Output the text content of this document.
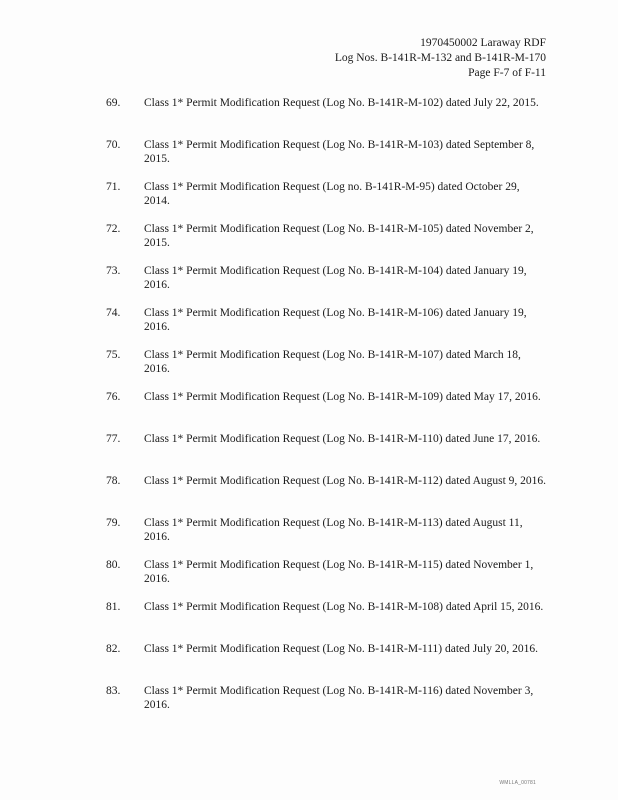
1970450002 Laraway RDF
Log Nos. B-141R-M-132 and B-141R-M-170
Page F-7 of F-11
69.	Class 1* Permit Modification Request (Log No. B-141R-M-102) dated July 22, 2015.
70.	Class 1* Permit Modification Request (Log No. B-141R-M-103) dated September 8, 2015.
71.	Class 1* Permit Modification Request (Log no. B-141R-M-95) dated October 29, 2014.
72.	Class 1* Permit Modification Request (Log No. B-141R-M-105) dated November 2, 2015.
73.	Class 1* Permit Modification Request (Log No. B-141R-M-104) dated January 19, 2016.
74.	Class 1* Permit Modification Request (Log No. B-141R-M-106) dated January 19, 2016.
75.	Class 1* Permit Modification Request (Log No. B-141R-M-107) dated March 18, 2016.
76.	Class 1* Permit Modification Request (Log No. B-141R-M-109) dated May 17, 2016.
77.	Class 1* Permit Modification Request (Log No. B-141R-M-110) dated June 17, 2016.
78.	Class 1* Permit Modification Request (Log No. B-141R-M-112) dated August 9, 2016.
79.	Class 1* Permit Modification Request (Log No. B-141R-M-113) dated August 11, 2016.
80.	Class 1* Permit Modification Request (Log No. B-141R-M-115) dated November 1, 2016.
81.	Class 1* Permit Modification Request (Log No. B-141R-M-108) dated April 15, 2016.
82.	Class 1* Permit Modification Request (Log No. B-141R-M-111) dated July 20, 2016.
83.	Class 1* Permit Modification Request (Log No. B-141R-M-116) dated November 3, 2016.
WMLLA_00781
